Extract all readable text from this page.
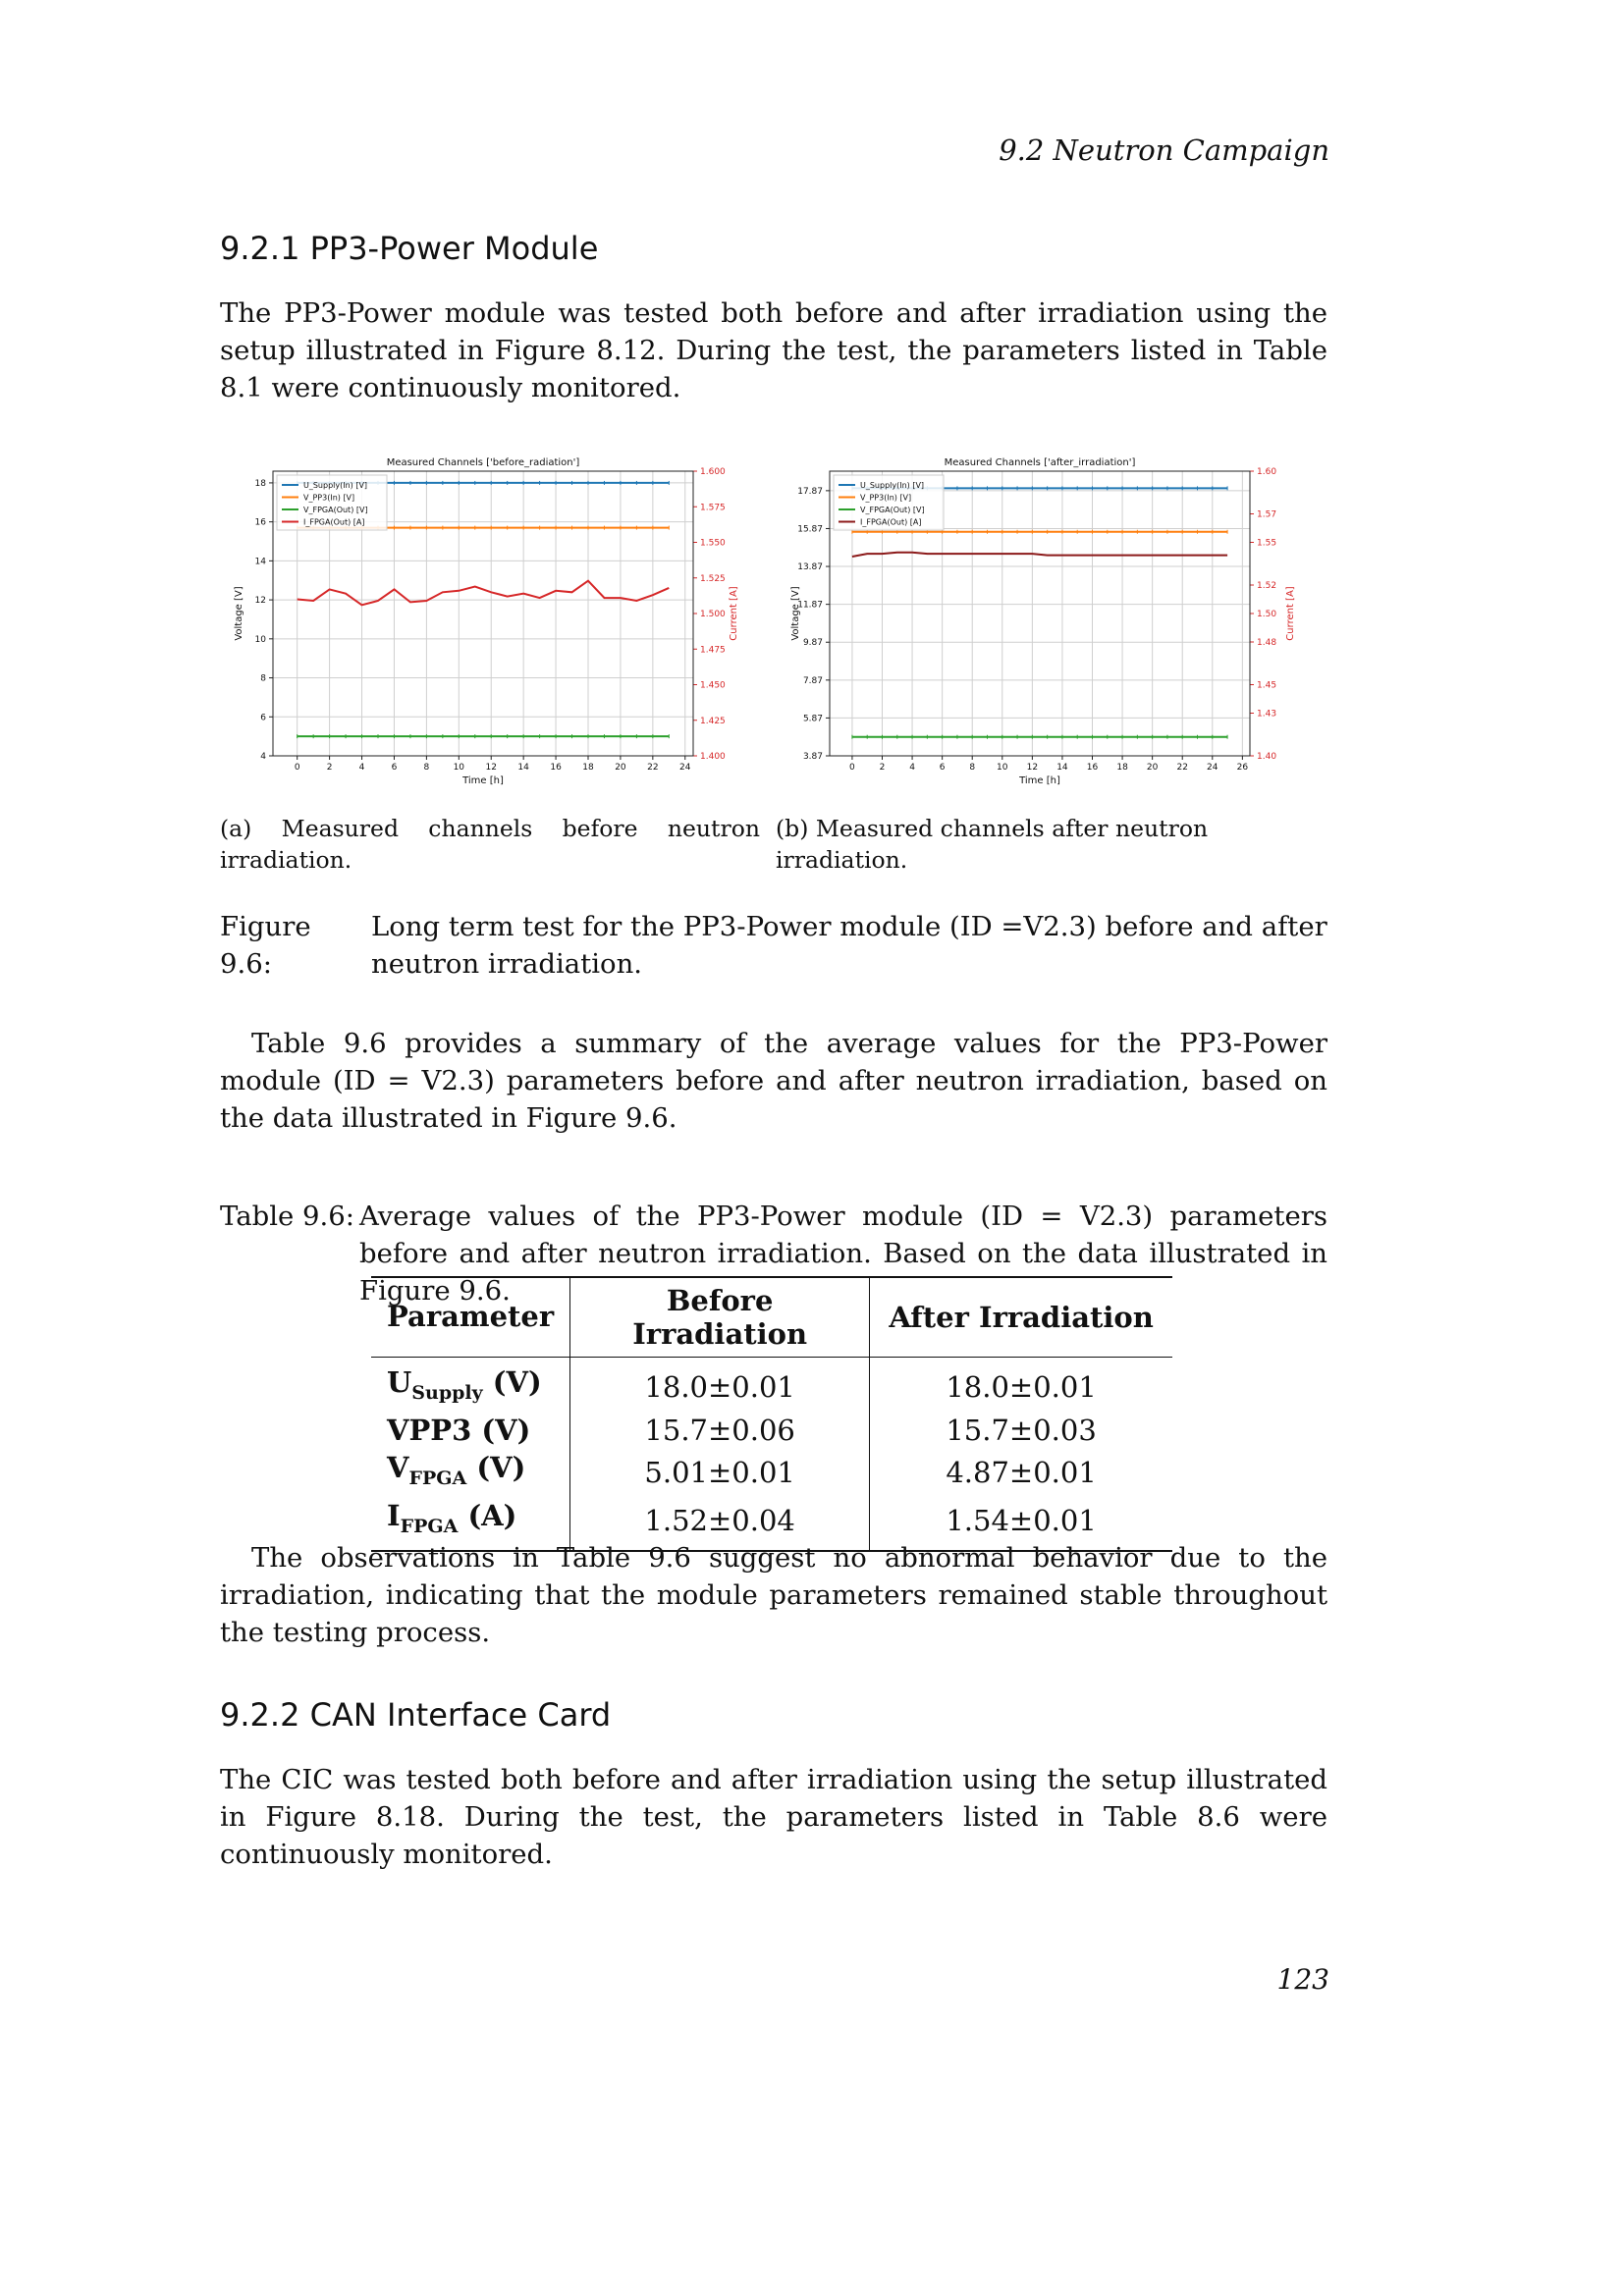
9.2 Neutron Campaign
9.2.1 PP3-Power Module

The PP3-Power module was tested both before and after irradiation using the setup illustrated in Figure 8.12. During the test, the parameters listed in Table 8.1 were continuously monitored.

Measured Channels ['before_radiation']
0	2	4	6	8	10 12 14 16 18 20 22 24
4
6
8
10
12
14
16
18
1.400
1.425
1.450
1.475
1.500
1.525
1.550
1.575
1.600
Time [h]
Voltage [V]	Current [A]
U_Supply(In) [V]
V_PP3(In) [V]
V_FPGA(Out) [V]
I_FPGA(Out) [A]
Measured Channels ['after_irradiation']
0	2	4	6	8 10 12 14 16 18 20 22 24 26
3.87
5.87
7.87
9.87
11.87
13.87
15.87
17.87
1.40
1.43
1.45
1.48
1.50
1.52
1.55
1.57
1.60
Time [h]
Voltage [V]	Current [A]
U_Supply(In) [V]
V_PP3(In) [V]
V_FPGA(Out) [V]
I_FPGA(Out) [A]
(a) Measured channels before neutron irradiation.
(b) Measured channels after neutron irradiation.
Figure 9.6:
Long term test for the PP3-Power module (ID =V2.3) before and after neutron irradiation.

Table 9.6 provides a summary of the average values for the PP3-Power module (ID = V2.3) parameters before and after neutron irradiation, based on the data illustrated in Figure 9.6.

Table 9.6: Average values of the PP3-Power module (ID = V2.3) parameters before and after neutron irradiation. Based on the data illustrated in Figure 9.6.
Parameter	Before Irradiation	After Irradiation

$U_{Supply}$ (V)	18.0±0.01	18.0±0.01
VPP3 (V)	15.7±0.06	15.7±0.03
$V_{FPGA}$ (V)	5.01±0.01	4.87±0.01
$I_{FPGA}$ (A)	1.52±0.04	1.54±0.01

The observations in Table 9.6 suggest no abnormal behavior due to the irradiation, indicating that the module parameters remained stable throughout the testing process.

9.2.2 CAN Interface Card

The CIC was tested both before and after irradiation using the setup illustrated in Figure 8.18. During the test, the parameters listed in Table 8.6 were continuously monitored.

123
